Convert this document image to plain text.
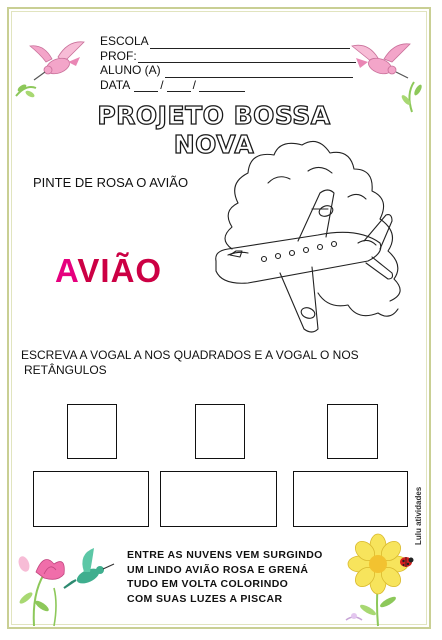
ESCOLA
PROF:
ALUNO (A)
DATA	/ /
PROJETO BOSSA NOVA
PINTE DE ROSA O AVIÃO
AVIÃO
ESCREVA A VOGAL A NOS QUADRADOS E A VOGAL O NOS
RETÂNGULOS
ENTRE AS NUVENS VEM SURGINDO
UM LINDO AVIÃO ROSA E GRENÁ
TUDO EM VOLTA COLORINDO
COM SUAS LUZES A PISCAR
Lulu atividades
